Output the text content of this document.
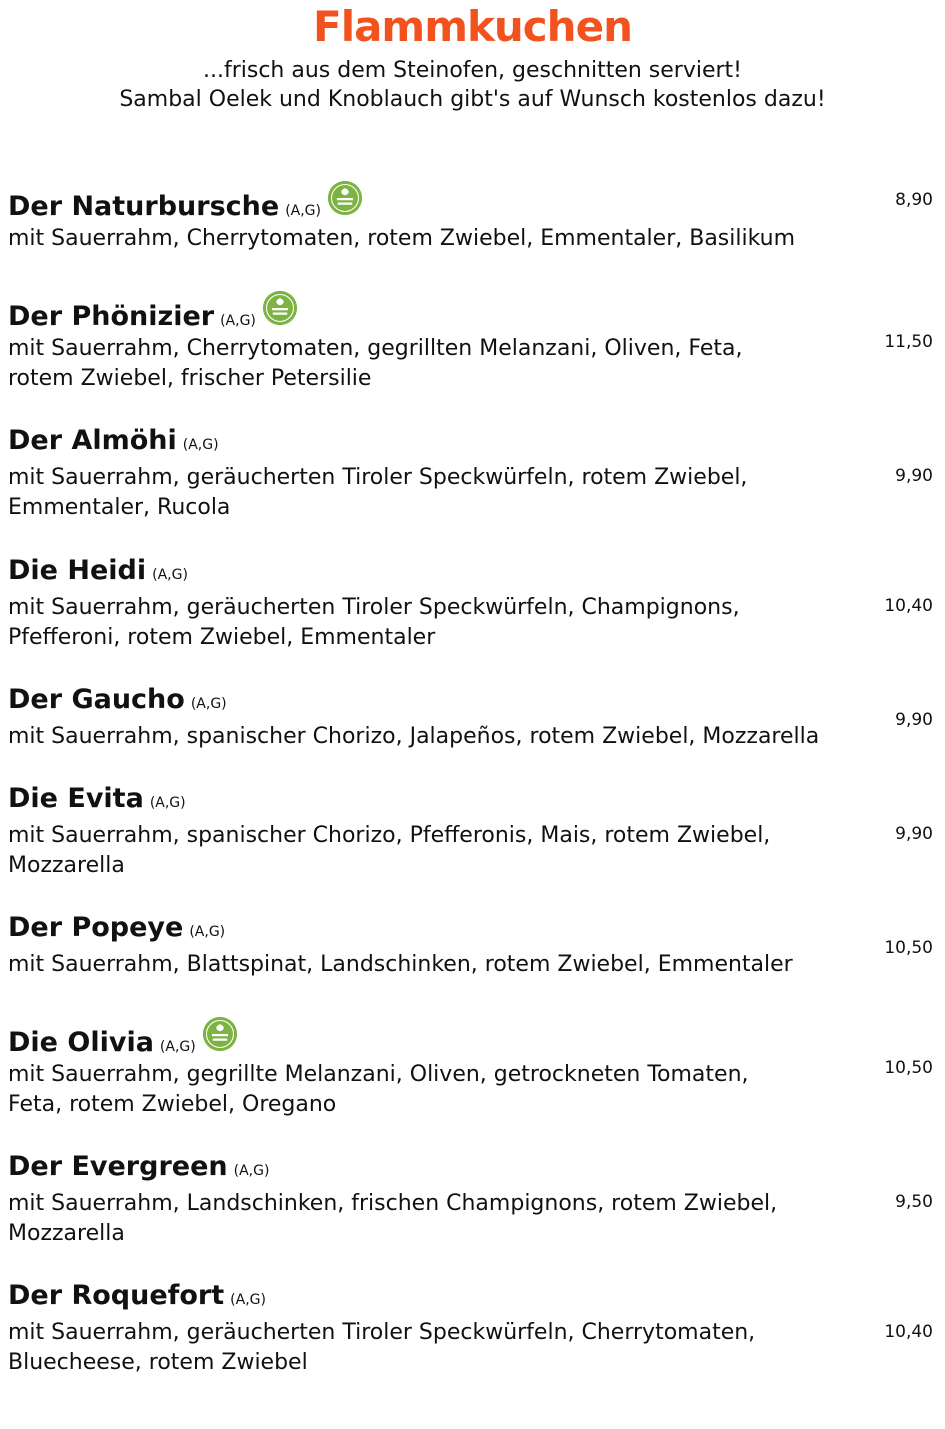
Flammkuchen
...frisch aus dem Steinofen, geschnitten serviert!
Sambal Oelek und Knoblauch gibt's auf Wunsch kostenlos dazu!
Der Naturbursche (A,G)
mit Sauerrahm, Cherrytomaten, rotem Zwiebel, Emmentaler, Basilikum
8,90
Der Phönizier (A,G)
mit Sauerrahm, Cherrytomaten, gegrillten Melanzani, Oliven, Feta,
rotem Zwiebel, frischer Petersilie
11,50
Der Almöhi (A,G)
mit Sauerrahm, geräucherten Tiroler Speckwürfeln, rotem Zwiebel,
Emmentaler, Rucola
9,90
Die Heidi (A,G)
mit Sauerrahm, geräucherten Tiroler Speckwürfeln, Champignons,
Pfefferoni, rotem Zwiebel, Emmentaler
10,40
Der Gaucho (A,G)
mit Sauerrahm, spanischer Chorizo, Jalapeños, rotem Zwiebel, Mozzarella
9,90
Die Evita (A,G)
mit Sauerrahm, spanischer Chorizo, Pfefferonis, Mais, rotem Zwiebel,
Mozzarella
9,90
Der Popeye (A,G)
mit Sauerrahm, Blattspinat, Landschinken, rotem Zwiebel, Emmentaler
10,50
Die Olivia (A,G)
mit Sauerrahm, gegrillte Melanzani, Oliven, getrockneten Tomaten,
Feta, rotem Zwiebel, Oregano
10,50
Der Evergreen (A,G)
mit Sauerrahm, Landschinken, frischen Champignons, rotem Zwiebel,
Mozzarella
9,50
Der Roquefort (A,G)
mit Sauerrahm, geräucherten Tiroler Speckwürfeln, Cherrytomaten,
Bluecheese, rotem Zwiebel
10,40
